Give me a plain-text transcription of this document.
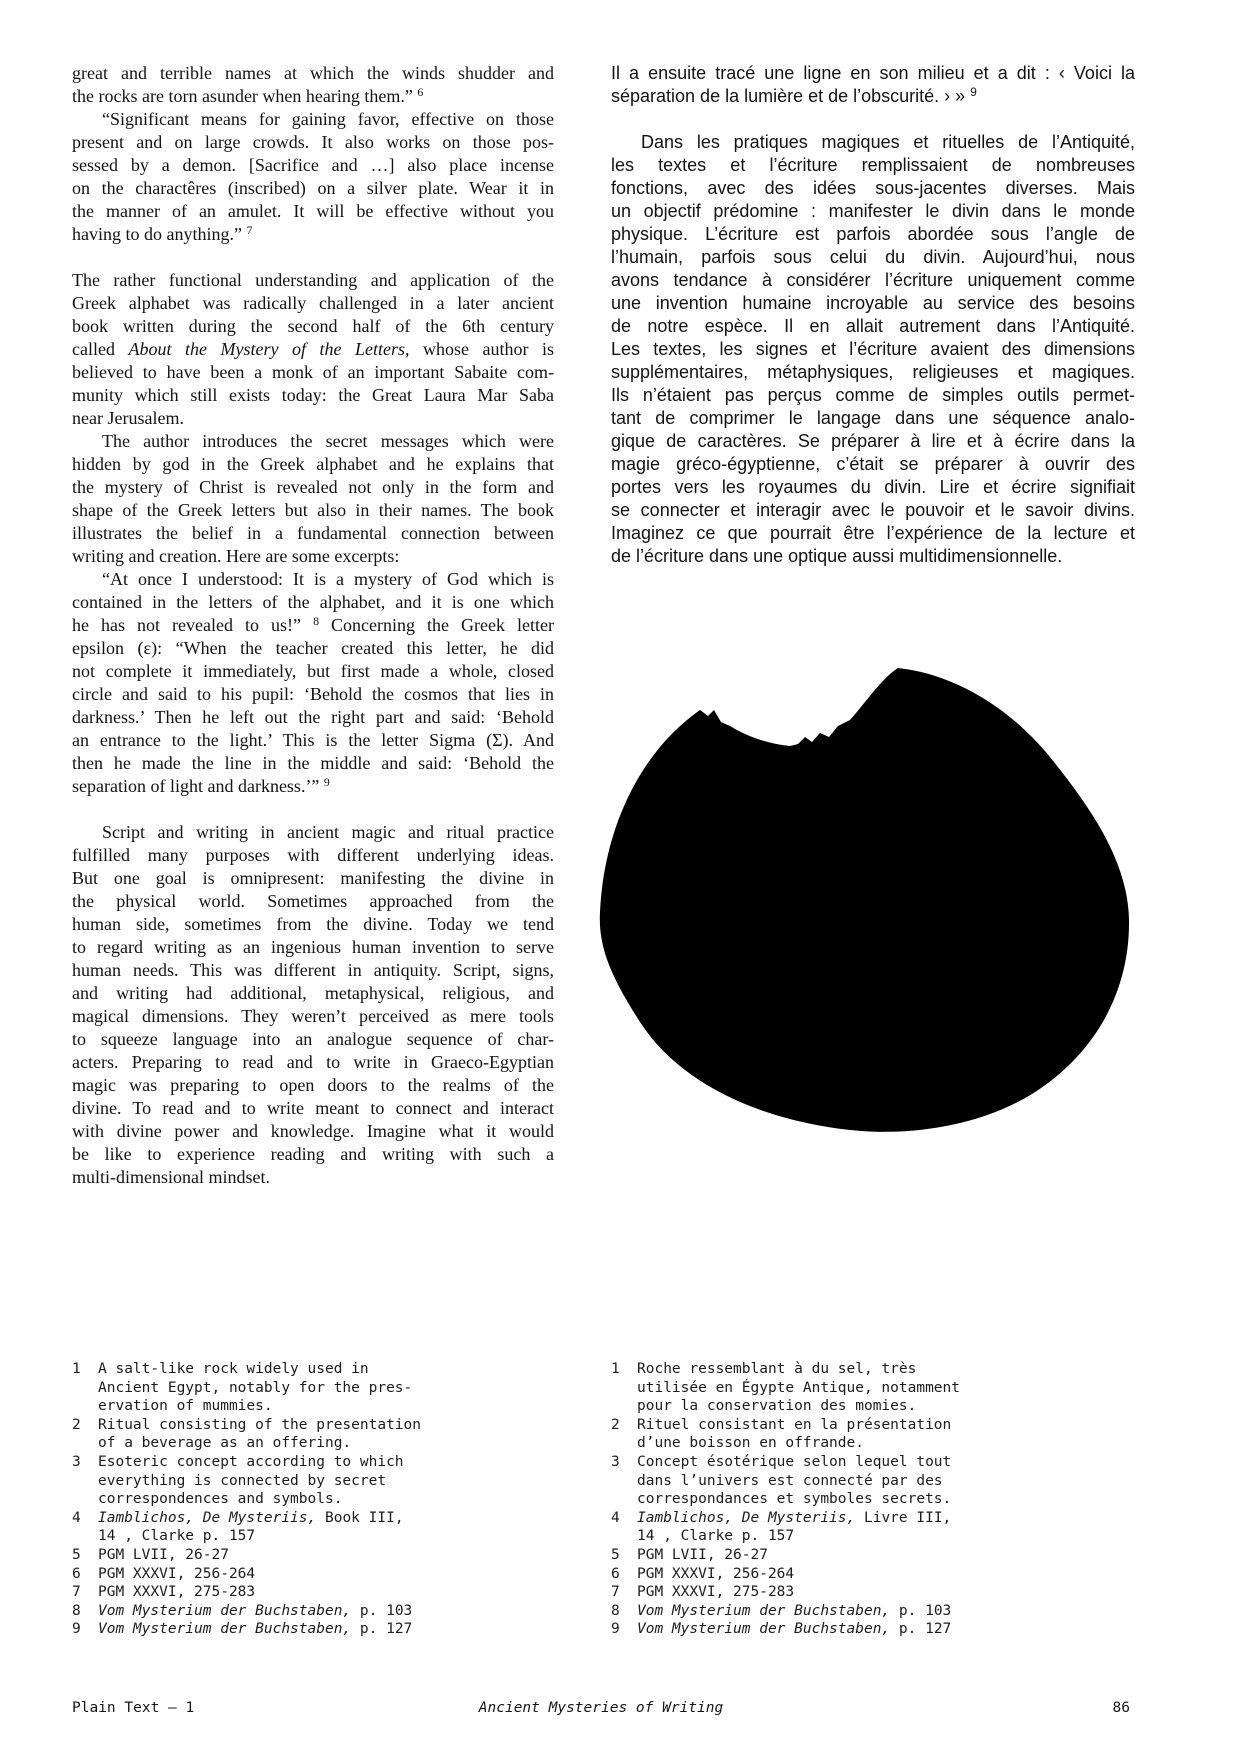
great and terrible names at which the winds shudder and
the rocks are torn asunder when hearing them.” $^6$
“Significant means for gaining favor, effective on those
present and on large crowds. It also works on those pos-
sessed by a demon. [Sacrifice and …] also place incense
on the charactêres (inscribed) on a silver plate. Wear it in
the manner of an amulet. It will be effective without you
having to do anything.” $^7$
The rather functional understanding and application of the
Greek alphabet was radically challenged in a later ancient
book written during the second half of the 6th century
called About the Mystery of the Letters, whose author is
believed to have been a monk of an important Sabaite com-
munity which still exists today: the Great Laura Mar Saba
near Jerusalem.
The author introduces the secret messages which were
hidden by god in the Greek alphabet and he explains that
the mystery of Christ is revealed not only in the form and
shape of the Greek letters but also in their names. The book
illustrates the belief in a fundamental connection between
writing and creation. Here are some excerpts:
“At once I understood: It is a mystery of God which is
contained in the letters of the alphabet, and it is one which
he has not revealed to us!” $^8$ Concerning the Greek letter
epsilon (ε): “When the teacher created this letter, he did
not complete it immediately, but first made a whole, closed
circle and said to his pupil: ‘Behold the cosmos that lies in
darkness.’ Then he left out the right part and said: ‘Behold
an entrance to the light.’ This is the letter Sigma (Σ). And
then he made the line in the middle and said: ‘Behold the
separation of light and darkness.’” $^9$
Script and writing in ancient magic and ritual practice
fulfilled many purposes with different underlying ideas.
But one goal is omnipresent: manifesting the divine in
the physical world. Sometimes approached from the
human side, sometimes from the divine. Today we tend
to regard writing as an ingenious human invention to serve
human needs. This was different in antiquity. Script, signs,
and writing had additional, metaphysical, religious, and
magical dimensions. They weren’t perceived as mere tools
to squeeze language into an analogue sequence of char-
acters. Preparing to read and to write in Graeco-Egyptian
magic was preparing to open doors to the realms of the
divine. To read and to write meant to connect and interact
with divine power and knowledge. Imagine what it would
be like to experience reading and writing with such a
multi-dimensional mindset.
Il a ensuite tracé une ligne en son milieu et a dit : ‹ Voici la
séparation de la lumière et de l’obscurité. › » $^9$
Dans les pratiques magiques et rituelles de l’Antiquité,
les textes et l’écriture remplissaient de nombreuses
fonctions, avec des idées sous-jacentes diverses. Mais
un objectif prédomine : manifester le divin dans le monde
physique. L’écriture est parfois abordée sous l’angle de
l’humain, parfois sous celui du divin. Aujourd’hui, nous
avons tendance à considérer l’écriture uniquement comme
une invention humaine incroyable au service des besoins
de notre espèce. Il en allait autrement dans l’Antiquité.
Les textes, les signes et l’écriture avaient des dimensions
supplémentaires, métaphysiques, religieuses et magiques.
Ils n’étaient pas perçus comme de simples outils permet-
tant de comprimer le langage dans une séquence analo-
gique de caractères. Se préparer à lire et à écrire dans la
magie gréco-égyptienne, c’était se préparer à ouvrir des
portes vers les royaumes du divin. Lire et écrire signifiait
se connecter et interagir avec le pouvoir et le savoir divins.
Imaginez ce que pourrait être l’expérience de la lecture et
de l’écriture dans une optique aussi multidimensionnelle.
1	A salt-like rock widely used in
Ancient Egypt, notably for the pres-
ervation of mummies.
2	Ritual consisting of the presentation
of a beverage as an offering.
3	Esoteric concept according to which
everything is connected by secret
correspondences and symbols.
4	Iamblichos, De Mysteriis, Book III,
14 , Clarke p. 157
5	PGM LVII, 26-27
6	PGM XXXVI, 256-264
7	PGM XXXVI, 275-283
8	Vom Mysterium der Buchstaben, p. 103
9	Vom Mysterium der Buchstaben, p. 127
1	Roche ressemblant à du sel, très
utilisée en Égypte Antique, notamment
pour la conservation des momies.
2	Rituel consistant en la présentation
d’une boisson en offrande.
3	Concept ésotérique selon lequel tout
dans l’univers est connecté par des
correspondances et symboles secrets.
4	Iamblichos, De Mysteriis, Livre III,
14 , Clarke p. 157
5	PGM LVII, 26-27
6	PGM XXXVI, 256-264
7	PGM XXXVI, 275-283
8	Vom Mysterium der Buchstaben, p. 103
9	Vom Mysterium der Buchstaben, p. 127
Plain Text – 1	Ancient Mysteries of Writing	86
